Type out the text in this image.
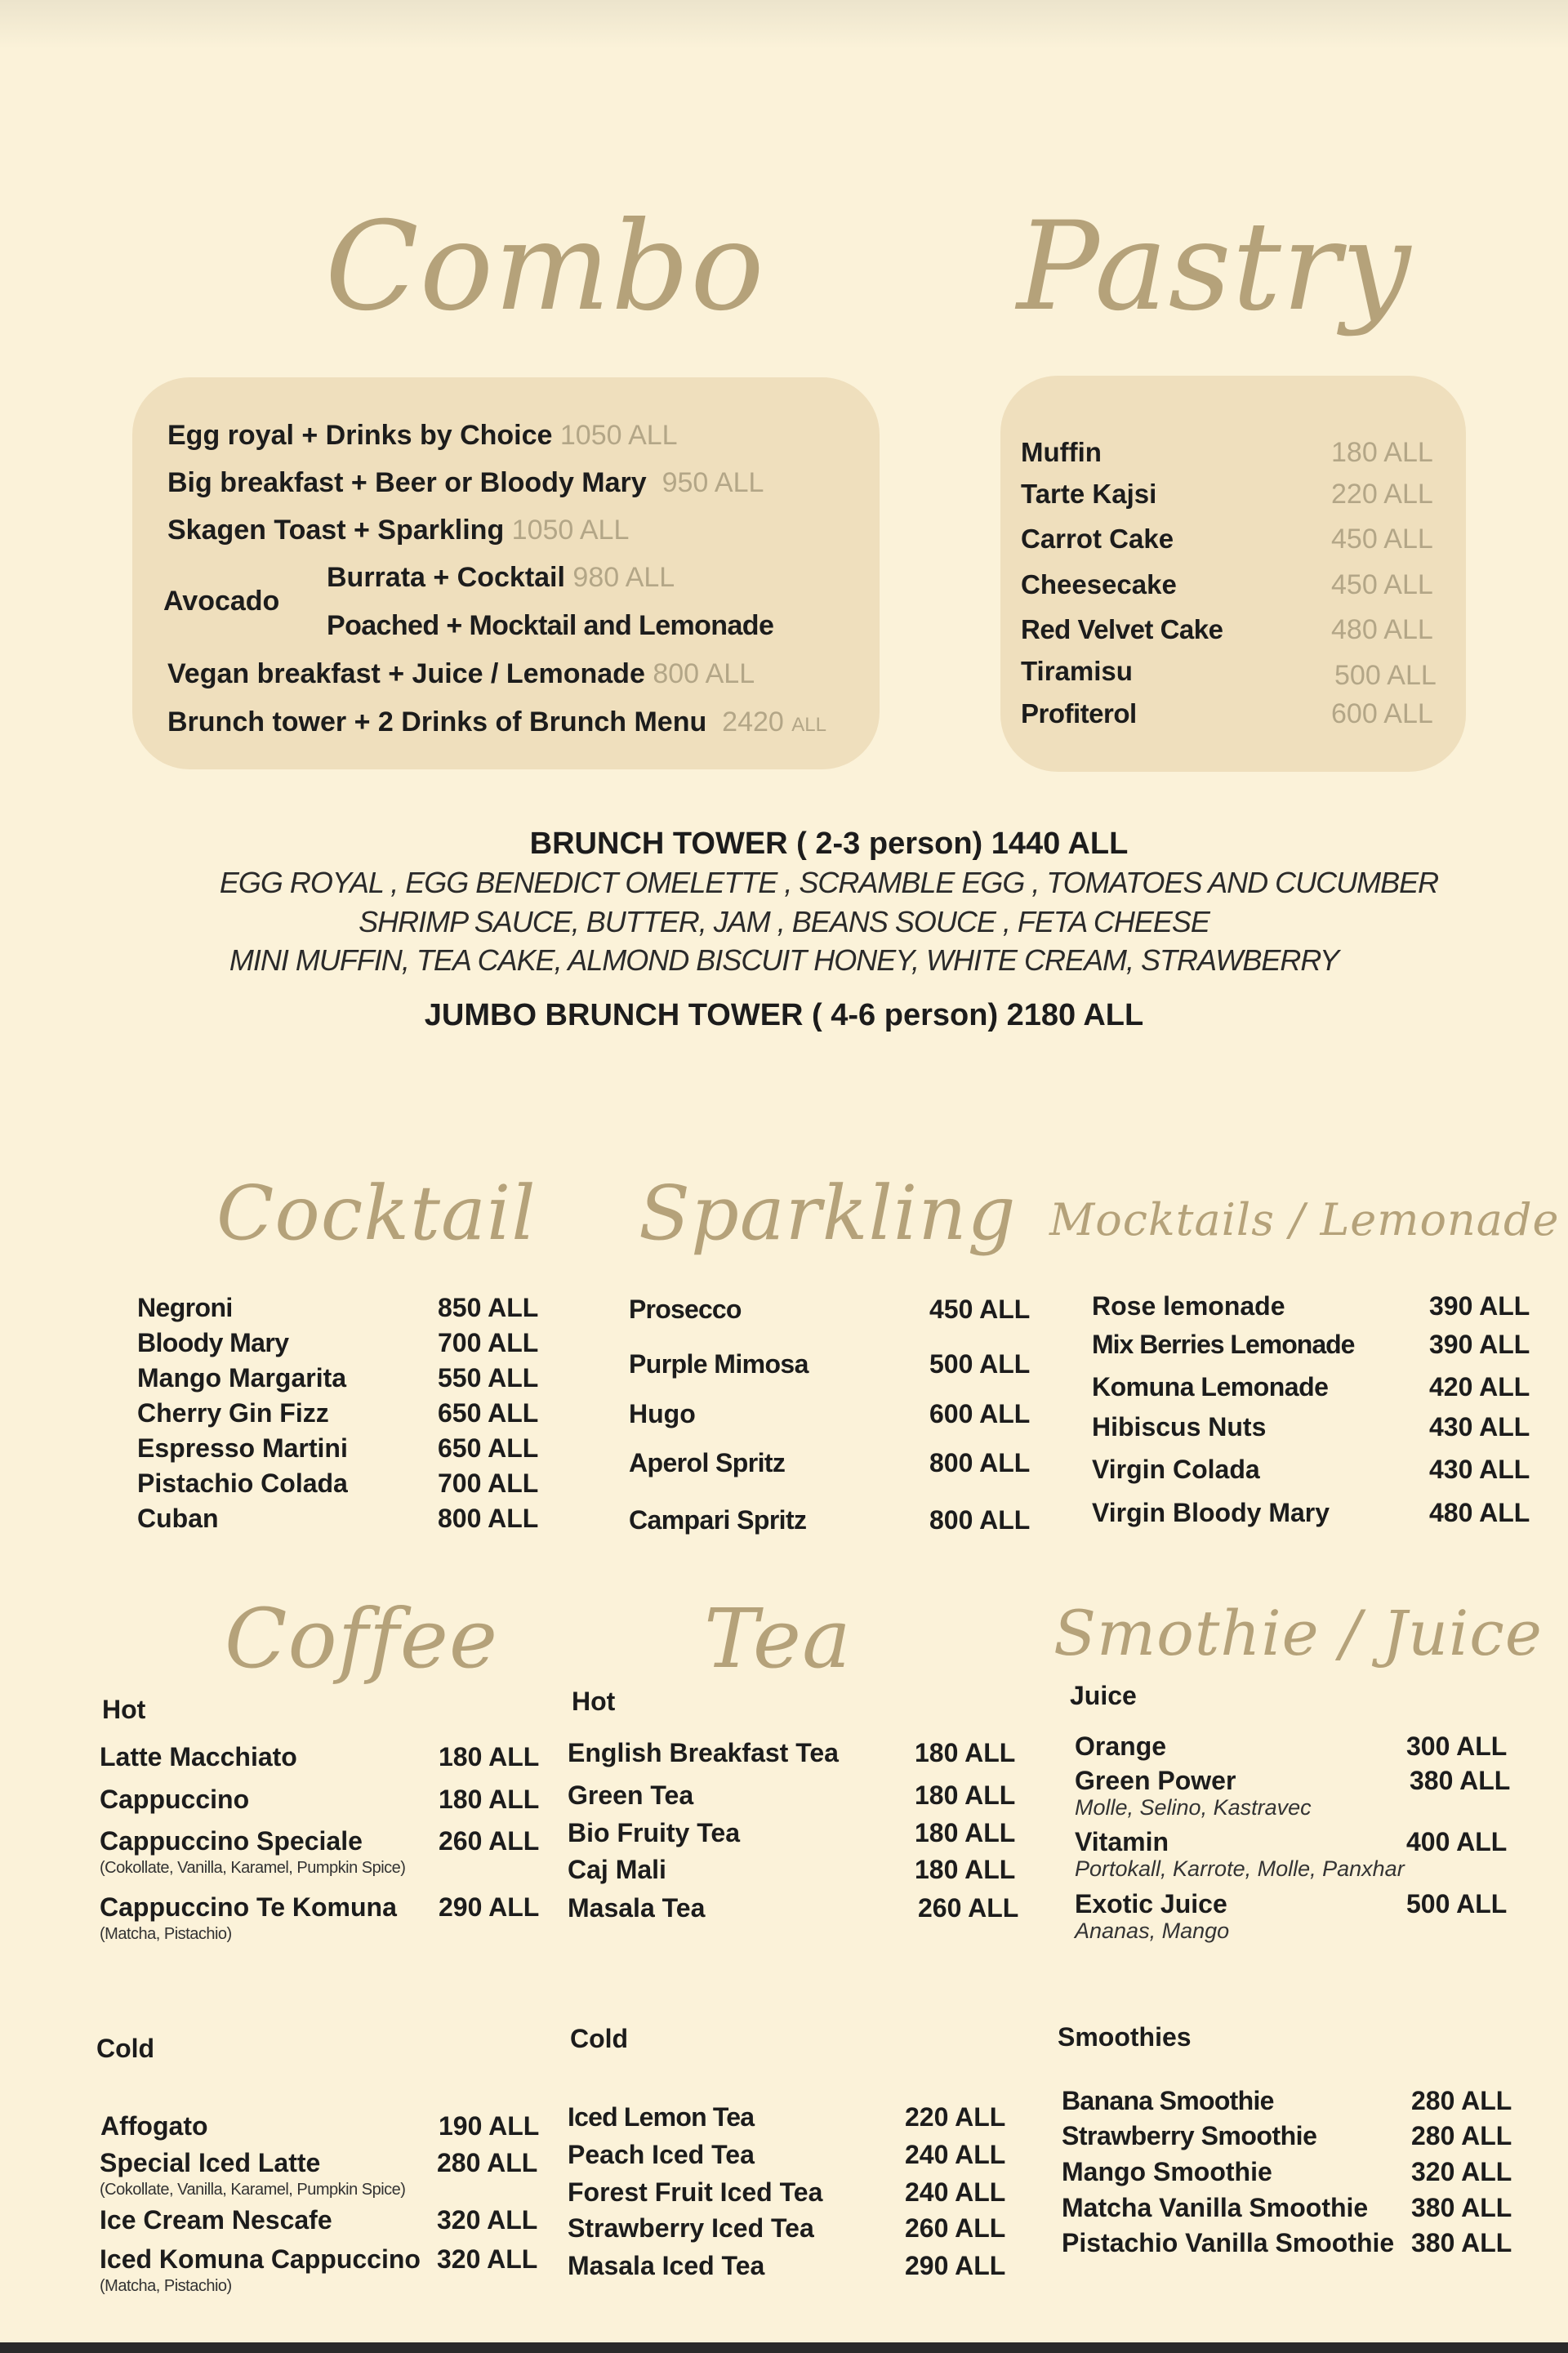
Combo Pastry
Egg royal + Drinks by Choice 1050 ALL
Big breakfast + Beer or Bloody Mary 950 ALL
Skagen Toast + Sparkling 1050 ALL
Avocado
Burrata + Cocktail 980 ALL
Poached + Mocktail and Lemonade
Vegan breakfast + Juice / Lemonade 800 ALL
Brunch tower + 2 Drinks of Brunch Menu 2420 ALL
Muffin	180 ALL
Tarte Kajsi	220 ALL
Carrot Cake	450 ALL
Cheesecake	450 ALL
Red Velvet Cake	480 ALL
Tiramisu	500 ALL
Profiterol	600 ALL
BRUNCH TOWER ( 2-3 person) 1440 ALL
EGG ROYAL , EGG BENEDICT OMELETTE , SCRAMBLE EGG , TOMATOES AND CUCUMBER
SHRIMP SAUCE, BUTTER, JAM , BEANS SOUCE , FETA CHEESE
MINI MUFFIN, TEA CAKE, ALMOND BISCUIT HONEY, WHITE CREAM, STRAWBERRY
JUMBO BRUNCH TOWER ( 4-6 person) 2180 ALL
Cocktail Sparkling Mocktails / Lemonade
Negroni	850 ALL
Bloody Mary	700 ALL
Mango Margarita	550 ALL
Cherry Gin Fizz	650 ALL
Espresso Martini	650 ALL
Pistachio Colada	700 ALL
Cuban	800 ALL
Prosecco	450 ALL
Purple Mimosa	500 ALL
Hugo	600 ALL
Aperol Spritz	800 ALL
Campari Spritz	800 ALL
Rose lemonade	390 ALL
Mix Berries Lemonade	390 ALL
Komuna Lemonade	420 ALL
Hibiscus Nuts	430 ALL
Virgin Colada	430 ALL
Virgin Bloody Mary	480 ALL
Coffee	Tea	Smothie / Juice
Hot
Latte Macchiato	180 ALL
Cappuccino	180 ALL
Cappuccino Speciale	260 ALL
(Cokollate, Vanilla, Karamel, Pumpkin Spice)
Cappuccino Te Komuna 290 ALL
(Matcha, Pistachio)
Cold
Affogato	190 ALL
Special Iced Latte	280 ALL
(Cokollate, Vanilla, Karamel, Pumpkin Spice)
Ice Cream Nescafe	320 ALL
Iced Komuna Cappuccino 320 ALL
(Matcha, Pistachio)
Hot
English Breakfast Tea	180 ALL
Green Tea	180 ALL
Bio Fruity Tea	180 ALL
Caj Mali	180 ALL
Masala Tea	260 ALL
Cold
Iced Lemon Tea	220 ALL
Peach Iced Tea	240 ALL
Forest Fruit Iced Tea	240 ALL
Strawberry Iced Tea	260 ALL
Masala Iced Tea	290 ALL
Juice
Orange	300 ALL
Green Power	380 ALL
Molle, Selino, Kastravec
Vitamin	400 ALL
Portokall, Karrote, Molle, Panxhar
Exotic Juice	500 ALL
Ananas, Mango
Smoothies
Banana Smoothie	280 ALL
Strawberry Smoothie	280 ALL
Mango Smoothie	320 ALL
Matcha Vanilla Smoothie 380 ALL
Pistachio Vanilla Smoothie 380 ALL
